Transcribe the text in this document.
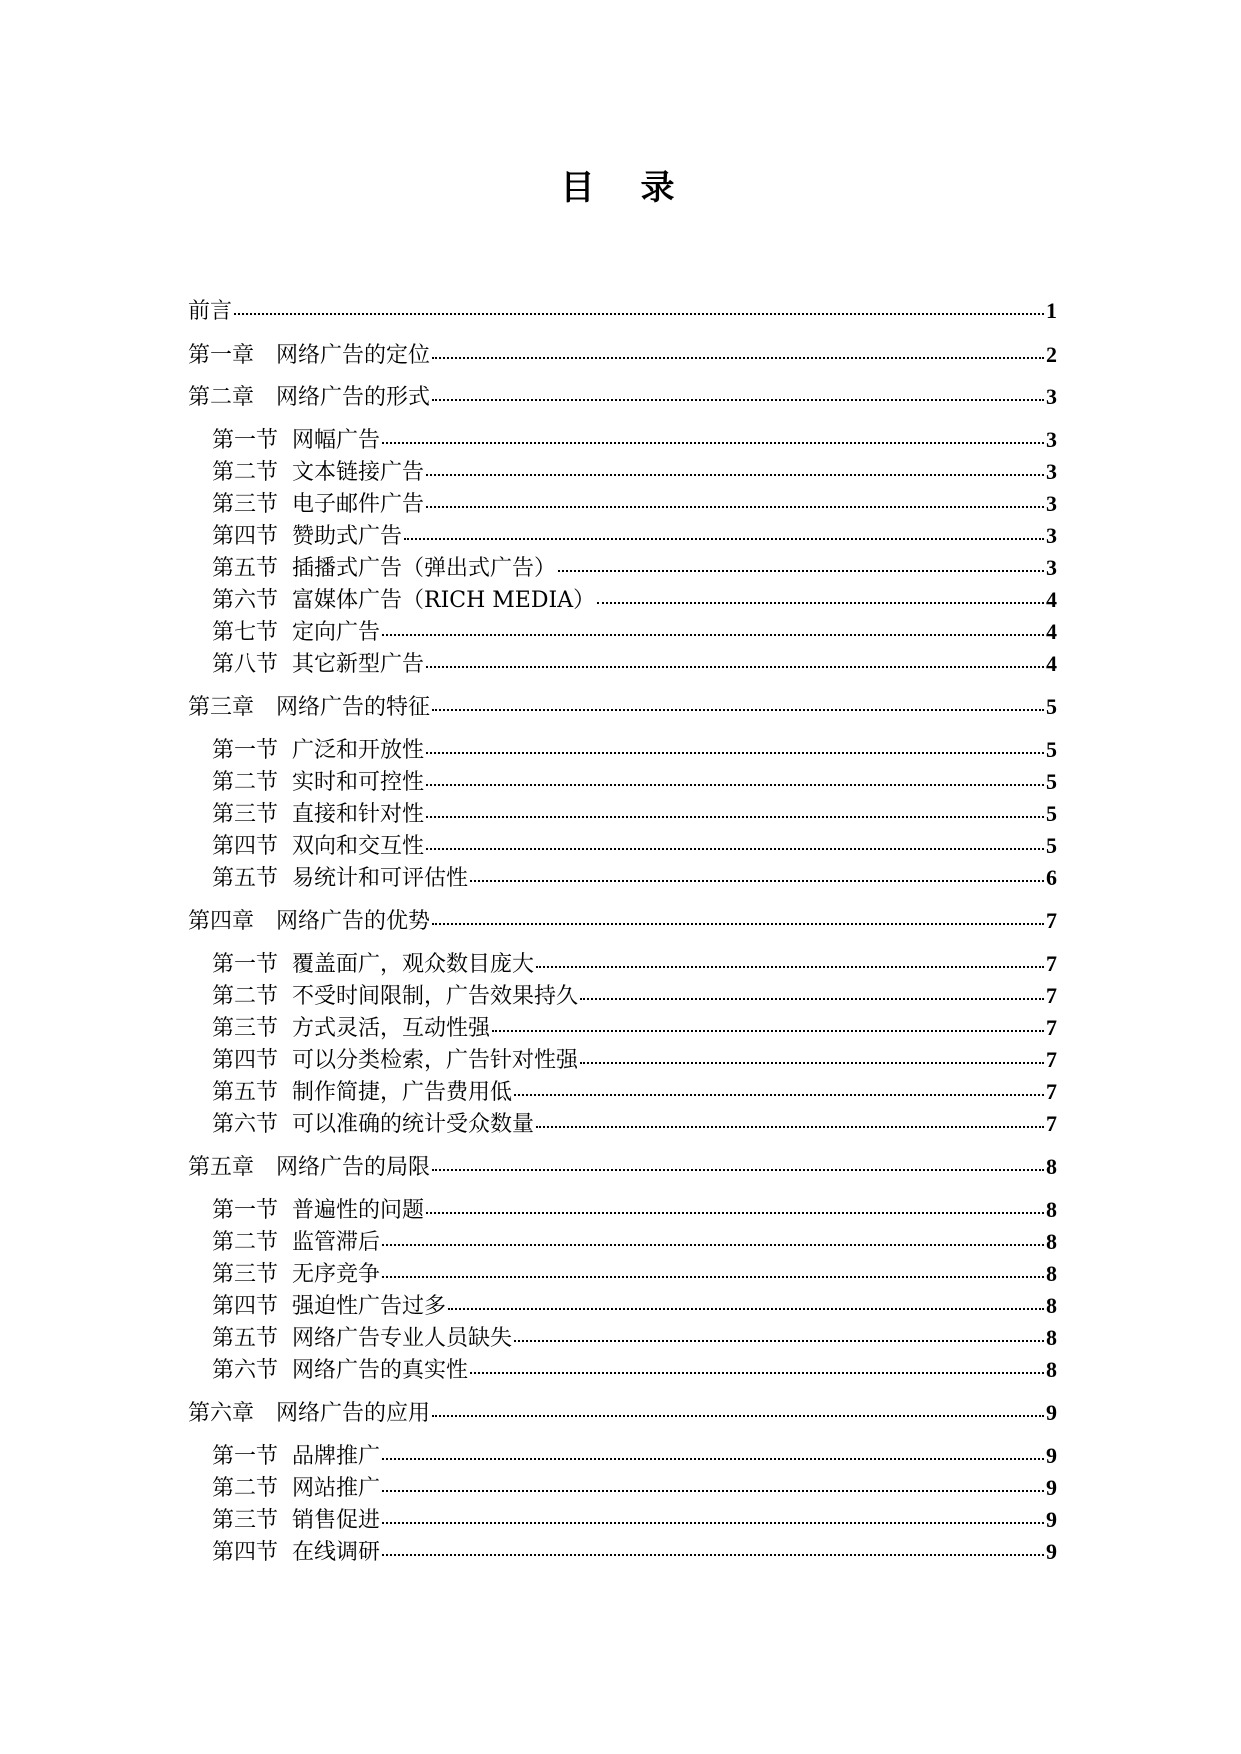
目 录
前言	1
第一章 网络广告的定位	2
第二章 网络广告的形式	3
第一节 网幅广告	3
第二节 文本链接广告	3
第三节 电子邮件广告	3
第四节 赞助式广告	3
第五节 插播式广告（弹出式广告）	3
第六节 富媒体广告（RICH MEDIA）	4
第七节 定向广告	4
第八节 其它新型广告	4
第三章 网络广告的特征	5
第一节 广泛和开放性	5
第二节 实时和可控性	5
第三节 直接和针对性	5
第四节 双向和交互性	5
第五节 易统计和可评估性	6
第四章 网络广告的优势	7
第一节 覆盖面广，观众数目庞大	7
第二节 不受时间限制，广告效果持久	7
第三节 方式灵活，互动性强	7
第四节 可以分类检索，广告针对性强	7
第五节 制作简捷，广告费用低	7
第六节 可以准确的统计受众数量	7
第五章 网络广告的局限	8
第一节 普遍性的问题	8
第二节 监管滞后	8
第三节 无序竞争	8
第四节 强迫性广告过多	8
第五节 网络广告专业人员缺失	8
第六节 网络广告的真实性	8
第六章 网络广告的应用	9
第一节 品牌推广	9
第二节 网站推广	9
第三节 销售促进	9
第四节 在线调研	9
